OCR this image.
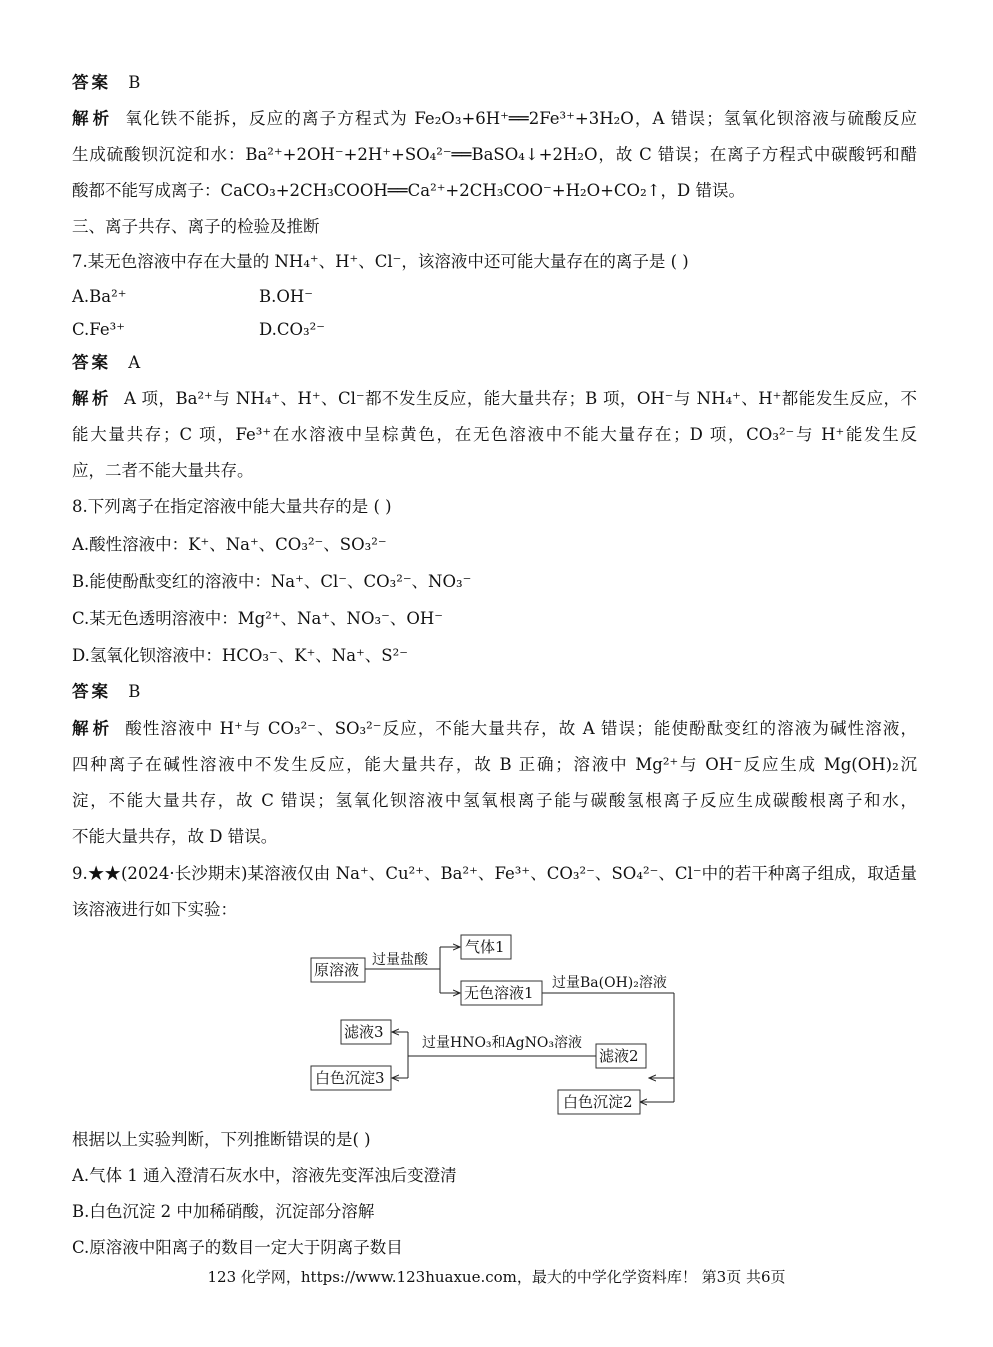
答案 B
解析 氧化铁不能拆，反应的离子方程式为 Fe₂O₃+6H⁺══2Fe³⁺+3H₂O，A 错误；氢氧化钡溶液与硫酸反应
生成硫酸钡沉淀和水：Ba²⁺+2OH⁻+2H⁺+SO₄²⁻══BaSO₄↓+2H₂O，故 C 错误；在离子方程式中碳酸钙和醋
酸都不能写成离子：CaCO₃+2CH₃COOH══Ca²⁺+2CH₃COO⁻+H₂O+CO₂↑，D 错误。
三、离子共存、离子的检验及推断
7.某无色溶液中存在大量的 NH₄⁺、H⁺、Cl⁻，该溶液中还可能大量存在的离子是 ( )
A.Ba²⁺	B.OH⁻
C.Fe³⁺	D.CO₃²⁻
答案 A
解析 A 项，Ba²⁺与 NH₄⁺、H⁺、Cl⁻都不发生反应，能大量共存；B 项，OH⁻与 NH₄⁺、H⁺都能发生反应，不
能大量共存；C 项，Fe³⁺在水溶液中呈棕黄色，在无色溶液中不能大量存在；D 项，CO₃²⁻与 H⁺能发生反
应，二者不能大量共存。
8.下列离子在指定溶液中能大量共存的是 ( )
A.酸性溶液中：K⁺、Na⁺、CO₃²⁻、SO₃²⁻
B.能使酚酞变红的溶液中：Na⁺、Cl⁻、CO₃²⁻、NO₃⁻
C.某无色透明溶液中：Mg²⁺、Na⁺、NO₃⁻、OH⁻
D.氢氧化钡溶液中：HCO₃⁻、K⁺、Na⁺、S²⁻
答案 B
解析 酸性溶液中 H⁺与 CO₃²⁻、SO₃²⁻反应，不能大量共存，故 A 错误；能使酚酞变红的溶液为碱性溶液，
四种离子在碱性溶液中不发生反应，能大量共存，故 B 正确；溶液中 Mg²⁺与 OH⁻反应生成 Mg(OH)₂沉
淀，不能大量共存，故 C 错误；氢氧化钡溶液中氢氧根离子能与碳酸氢根离子反应生成碳酸根离子和水，
不能大量共存，故 D 错误。
9.★★(2024·长沙期末)某溶液仅由 Na⁺、Cu²⁺、Ba²⁺、Fe³⁺、CO₃²⁻、SO₄²⁻、Cl⁻中的若干种离子组成，取适量
该溶液进行如下实验：
原溶液
过量盐酸
气体1
无色溶液1
过量Ba(OH)₂溶液
滤液2
白色沉淀2
过量HNO₃和AgNO₃溶液
滤液3
白色沉淀3
根据以上实验判断，下列推断错误的是( )
A.气体 1 通入澄清石灰水中，溶液先变浑浊后变澄清
B.白色沉淀 2 中加稀硝酸，沉淀部分溶解
C.原溶液中阳离子的数目一定大于阴离子数目
123 化学网，https://www.123huaxue.com，最大的中学化学资料库！ 第3页 共6页
